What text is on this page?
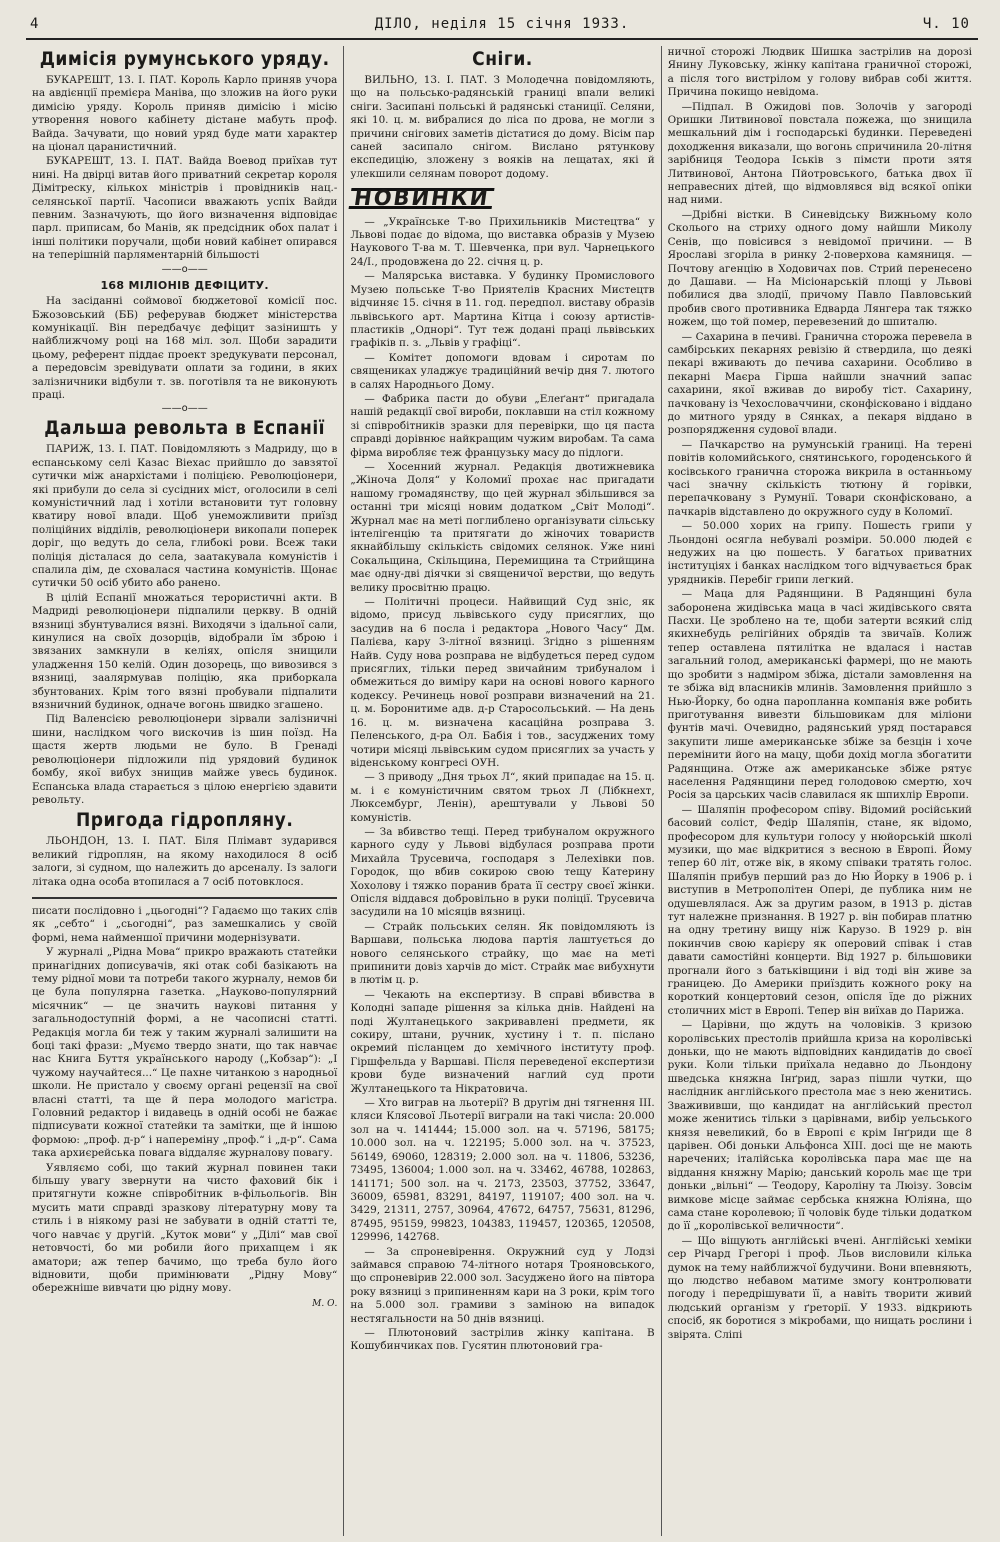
4	ДІЛО, неділя 15 січня 1933.	Ч. 10
Димісія румунського уряду.

БУКАРЕШТ, 13. І. ПАТ. Король Карло приняв учора на авдієнції премієра Маніва, що зложив на його руки димісію уряду. Король приняв димісію і місію утворення нового кабінету дістане мабуть проф. Вайда. Зачувати, що новий уряд буде мати характер на ціонал царанистичний.

БУКАРЕШТ, 13. І. ПАТ. Вайда Воевод приїхав тут нині. На двірці витав його приватний секретар короля Дімітреску, кількох міністрів і провідників нац.-селянської партії. Часописи вважають успіх Вайди певним. Зазначують, що його визначення відповідає парл. приписам, бо Манів, як предсідник обох палат і інші політики поручали, щоби новий кабінет опирався на теперішній парляментарній більшості

——o——
168 МІЛІОНІВ ДЕФІЦИТУ.

На засіданні соймової бюджетової комісії пос. Бжозовський (ББ) реферував бюджет міністерства комунікації. Він передбачує дефіцит зазіништь у найближчому році на 168 міл. зол. Щоби зарадити цьому, референт піддає проект зредукувати персонал, а передовсім зревідувати оплати за години, в яких залізничники відбули т. зв. поготівля та не виконують праці.

——o——
Дальша револьта в Еспанії

ПАРИЖ, 13. І. ПАТ. Повідомляють з Мадриду, що в еспанському селі Казас Віехас прийшло до завзятої сутички між анархістами і поліцією. Революціонери, які прибули до села зі сусідних міст, оголосили в селі комуністичний лад і хотіли встановити тут головну кватиру нової влади. Щоб унеможливити приїзд поліційних відділів, революціонери викопали поперек доріг, що ведуть до села, глибокі рови. Всеж таки поліція дісталася до села, заатакувала комуністів і спалила дім, де сховалася частина комуністів. Щонає сутички 50 осіб убито або ранено.

В цілій Еспанії множаться терористичні акти. В Мадриді революціонери підпалили церкву. В одній вязниці збунтувалися вязні. Виходячи з ідальної сали, кинулися на своїх дозорців, відобрали їм зброю і звязаних замкнули в келіях, опісля знищили уладження 150 келій. Один дозорець, що вивозився з вязниці, заалярмував поліцію, яка приборкала збунтованих. Крім того вязні пробували підпалити вязничний будинок, одначе вогонь швидко згашено.

Під Валенсією революціонери зірвали залізничні шини, наслідком чого вискочив із шин поїзд. На щастя жертв людьми не було. В Гренаді революціонери підложили під урядовий будинок бомбу, якої вибух знищив майже увесь будинок. Еспанська влада старається з цілою енергією здавити револьту.

Пригода гідропляну.

ЛЬОНДОН, 13. І. ПАТ. Біля Плімавт зударився великий гідроплян, на якому находилося 8 осіб залоги, зі судном, що належить до арсеналу. Із залоги літака одна особа втопилася а 7 осіб потовклося.

писати послідовно і „цьогодні“? Гадаємо що таких слів як „себто“ і „сьогодні“, раз замешкались у своїй формі, нема найменшої причини модернізувати.

У журналі „Рідна Мова“ прикро вражають статейки принагідних дописувачів, які отак собі базікають на тему рідної мови та потреби такого журналу, немов би це була популярна газетка. „Науково-популярний місячник“ — це значить наукові питання у загальнодоступній формі, а не часописні статті. Редакція могла би теж у таким журналі залишити на боці такі фрази: „Муємо твердо знати, що так навчає нас Книга Буття українського народу („Кобзар“): „І чужому научайтеся...“ Це пахне читанкою з народньої школи. Не пристало у своєму органі рецензії на свої власні статті, та ще й пера молодого магістра. Головний редактор і видавець в одній особі не бажає підписувати кожної статейки та замітки, ще й іншою формою: „проф. д-р“ і напереміну „проф.“ і „д-р“. Сама така архиєрейська повага віддаляє журналову повагу.

Уявляємо собі, що такий журнал повинен таки більшу увагу звернути на чисто фаховий бік і притягнути кожне співробітник в-фільольогів. Він мусить мати справді зразкову літературну мову та стиль і в ніякому разі не забувати в одній статті те, чого навчає у другій. „Куток мови“ у „Ділі“ мав свої нетовчості, бо ми робили його прихапцем і як аматори; аж тепер бачимо, що треба було його відновити, щоби примінювати „Рідну Мову“ обережніше вивчати цю рідну мову.

М. О.
Сніги.

ВИЛЬНО, 13. І. ПАТ. З Молодечна повідомляють, що на польсько-радянській границі впали великі сніги. Засипані польські й радянські станиції. Селяни, які 10. ц. м. вибралися до ліса по дрова, не могли з причини снігових заметів дістатися до дому. Вісім пар саней засипало снігом. Вислано рятункову експедицію, зложену з вояків на лещатах, які й улекшили селянам поворот додому.

НОВИНКИ

— „Українське Т-во Прихильників Мистецтва“ у Львові подає до відома, що виставка образів у Музею Наукового Т-ва м. Т. Шевченка, при вул. Чарнецького 24/І., продовжена до 22. січня ц. р.

— Малярська виставка. У будинку Промислового Музею польське Т-во Приятелів Красних Мистецтв відчиняє 15. січня в 11. год. передпол. виставу образів львівського арт. Мартина Кітца і союзу артистів-пластиків „Однорі“. Тут теж додані праці львівських графіків п. з. „Львів у графіці“.

— Комітет допомоги вдовам і сиротам по священиках уладжує традиційний вечір дня 7. лютого в салях Народнього Дому.

— Фабрика пасти до обуви „Елеґант“ пригадала нашій редакції свої вироби, поклавши на стіл кожному зі співробітників зразки для перевірки, що ця паста справді дорівнює найкращим чужим виробам. Та сама фірма виробляє теж французьку масу до підлоги.

— Хосенний журнал. Редакція двотижневика „Жіноча Доля“ у Коломиї прохає нас пригадати нашому громадянству, що цей журнал збільшився за останні три місяці новим додатком „Світ Молоді“. Журнал має на меті поглиблено організувати сільську інтелігенцію та притягати до жіночих товариств якнайбільшу скількість свідомих селянок. Уже нині Сокальщина, Скільщина, Перемищина та Стрийщина має одну-дві діячки зі священичої верстви, що ведуть велику просвітню працю.

— Політичні процеси. Найвищий Суд зніс, як відомо, присуд львівського суду присяглих, що засудив на 6 посла і редактора „Нового Часу“ Дм. Палієва, кару 3-літної вязниці. Згідно з рішенням Найв. Суду нова розправа не відбудеться перед судом присяглих, тільки перед звичайним трибуналом і обмежиться до виміру кари на основі нового карного кодексу. Речинець нової розправи визначений на 21. ц. м. Боронитиме адв. д-р Старосольський. — На день 16. ц. м. визначена касаційна розправа З. Пеленського, д-ра Ол. Бабія і тов., засуджених тому чотири місяці львівським судом присяглих за участь у віденському конгресі ОУН.

— З приводу „Дня трьох Л“, який припадає на 15. ц. м. і є комуністичним святом трьох Л (Лібкнехт, Люксембург, Ленін), арештували у Львові 50 комуністів.

— За вбивство тещі. Перед трибуналом окружного карного суду у Львові відбулася розправа проти Михайла Трусевича, господаря з Лелехівки пов. Городок, що вбив сокирою свою тещу Катерину Хохолову і тяжко поранив брата її сестру своєї жінки. Опісля віддався добровільно в руки поліції. Трусевича засудили на 10 місяців вязниці.

— Страйк польських селян. Як повідомляють із Варшави, польська людова партія лаштується до нового селянського страйку, що має на меті припинити довіз харчів до міст. Страйк має вибухнути в лютім ц. р.

— Чекають на експертизу. В справі вбивства в Колодні западе рішення за кілька днів. Найдені на поді Жултанецького закривавлені предмети, як сокиру, штани, ручник, хустину і т. п. післано окремий післанцем до хемічного інституту проф. Гіршфельда у Варшаві. Після переведеної експертизи крови буде визначений наглий суд проти Жултанецького та Нікратовича.

— Хто виграв на льотерії? В другім дні тягнення ІІІ. кляси Клясової Льотерії виграли на такі числа: 20.000 зол на ч. 141444; 15.000 зол. на ч. 57196, 58175; 10.000 зол. на ч. 122195; 5.000 зол. на ч. 37523, 56149, 69060, 128319; 2.000 зол. на ч. 11806, 53236, 73495, 136004; 1.000 зол. на ч. 33462, 46788, 102863, 141171; 500 зол. на ч. 2173, 23503, 37752, 33647, 36009, 65981, 83291, 84197, 119107; 400 зол. на ч. 3429, 21311, 2757, 30964, 47672, 64757, 75631, 81296, 87495, 95159, 99823, 104383, 119457, 120365, 120508, 129996, 142768.

— За спроневірення. Окружний суд у Лодзі займався справою 74-літного нотаря Трояновського, що спроневірив 22.000 зол. Засуджено його на півтора року вязниці з припиненням кари на 3 роки, крім того на 5.000 зол. грамиви з заміною на випадок нестягальности на 50 днів вязниці.

— Плютоновий застрілив жінку капітана. В Кошубинчиках пов. Гусятин плютоновий гра-

ничної сторожі Людвик Шишка застрілив на дорозі Янину Луковську, жінку капітана граничної сторожі, а після того вистрілом у голову вибрав собі життя. Причина покищо невідома.

—Підпал. В Ожидові пов. Золочів у загороді Оришки Литвинової повстала пожежа, що знищила мешкальний дім і господарські будинки. Переведені доходження виказали, що вогонь спричинила 20-літня зарібниця Теодора Іськів з пімсти проти зятя Литвинової, Антона Пйотровського, батька двох її неправесних дітей, що відмовлявся від всякої опіки над ними.

—Дрібні вістки. В Синевідську Вижньому коло Сколього на стриху одного дому найшли Миколу Сенів, що повісився з невідомої причини. — В Ярославі згоріла в ринку 2-поверхова камяниця. — Почтову агенцію в Ходовичах пов. Стрий перенесено до Дашави. — На Місіонарській площі у Львові побилися два злодії, причому Павло Павловський пробив свого противника Едварда Лянгера так тяжко ножем, що той помер, перевезений до шпиталю.

— Сахарина в печиві. Гранична сторожа перевела в самбірських пекарнях ревізію й ствердила, що деякі пекарі вживають до печива сахарини. Особливо в пекарні Маєра Гірша найшли значний запас сахарини, якої вживав до виробу тіст. Сахарину, пачковану із Чехословаччини, сконфісковано і віддано до митного уряду в Сянках, а пекаря віддано в розпорядження судової влади.

— Пачкарство на румунській границі. На терені повітів коломийського, снятинського, городенського й косівського гранична сторожа викрила в останньому часі значну скількість тютюну й горівки, перепачковану з Румунії. Товари сконфісковано, а пачкарів відставлено до окружного суду в Коломиї.

— 50.000 хорих на грипу. Пошесть грипи у Льондоні осягла небувалі розміри. 50.000 людей є недужих на цю пошесть. У багатьох приватних інституціях і банках наслідком того відчувається брак урядників. Перебіг грипи легкий.

— Маца для Радянщини. В Радянщині була заборонена жидівська маца в часі жидівського свята Пасхи. Це зроблено на те, щоби затерти всякий слід якихнебудь релігійних обрядів та звичаїв. Колиж тепер оставлена пятилітка не вдалася і настав загальний голод, американські фармері, що не мають що зробити з надміром збіжа, дістали замовлення на те збіжа від власників млинів. Замовлення прийшло з Нью-Йорку, бо одна паропланна компанія вже робить приготування вивезти більшовикам для міліони фунтів мачі. Очевидно, радянський уряд постарався закупити лише американське збіже за безцін і хоче перемінити його на мацу, щоби дохід могла збогатити Радянщина. Отже аж американське збіже рятує населення Радянщини перед голодовою смертю, хоч Росія за царських часів славилася як шпихлір Европи.

— Шаляпін професором співу. Відомий російський басовий соліст, Федір Шаляпін, стане, як відомо, професором для культури голосу у нюйорській школі музики, що має відкритися з весною в Европі. Йому тепер 60 літ, отже вік, в якому співаки тратять голос. Шаляпін прибув перший раз до Ню Йорку в 1906 р. і виступив в Метрополітен Опері, де публика ним не одушевлялася. Аж за другим разом, в 1913 р. дістав тут належне признання. В 1927 р. він побирав платню на одну третину вищу ніж Карузо. В 1929 р. він покинчив свою карієру як оперовий співак і став давати самостійні концерти. Від 1927 р. більшовики прогнали його з батьківщини і від тоді він живе за границею. До Америки приїздить кожного року на короткий концертовий сезон, опісля їде до ріжних столичних міст в Европі. Тепер він виїхав до Парижа.

— Царівни, що ждуть на чоловіків. З кризою королівських престолів прийшла криза на королівські доньки, що не мають відповідних кандидатів до своєї руки. Коли тільки приїхала недавно до Льондону шведська княжна Інґрид, зараз пішли чутки, що наслідник англійського престола має з нею женитись. Зважививши, що кандидат на англійський престол може женитись тільки з царівнами, вибір уельського князя невеликий, бо в Европі є крім Інґриди ще 8 царівен. Обі доньки Альфонса XIII. досі ще не мають наречених; італійська королівська пара має ще на віддання княжну Марію; данський король має ще три доньки „вільні“ — Теодору, Кароліну та Люізу. Зовсім вимкове місце займає сербська княжна Юліяна, що сама стане королевою; її чоловік буде тільки додатком до її „королівської величности“.

— Що віщують англійські вчені. Англійські хеміки сер Річард Грегорі і проф. Льов висловили кілька думок на тему найближчої будучини. Вони впевняють, що людство небавом матиме змогу контролювати погоду і передрішувати її, а навіть творити живий людський організм у ґреторії. У 1933. відкриють спосіб, як боротися з мікробами, що нищать рослини і звірята. Сліпі
